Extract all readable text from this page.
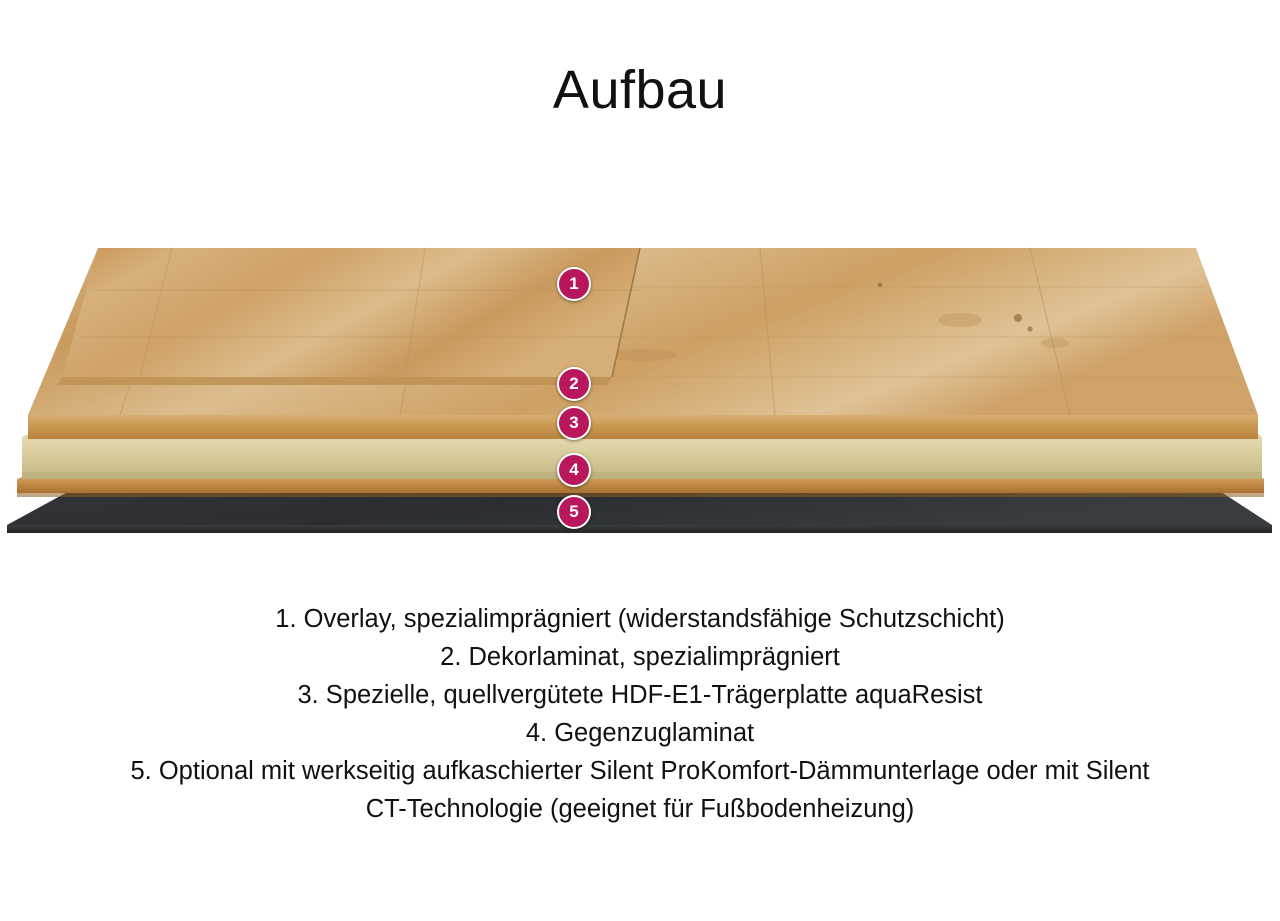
Aufbau
1
2
3
4
5
1. Overlay, spezialimprägniert (widerstandsfähige Schutzschicht)
2. Dekorlaminat, spezialimprägniert
3. Spezielle, quellvergütete HDF-E1-Trägerplatte aquaResist
4. Gegenzuglaminat
5. Optional mit werkseitig aufkaschierter Silent ProKomfort-Dämmunterlage oder mit Silent
CT-Technologie (geeignet für Fußbodenheizung)
